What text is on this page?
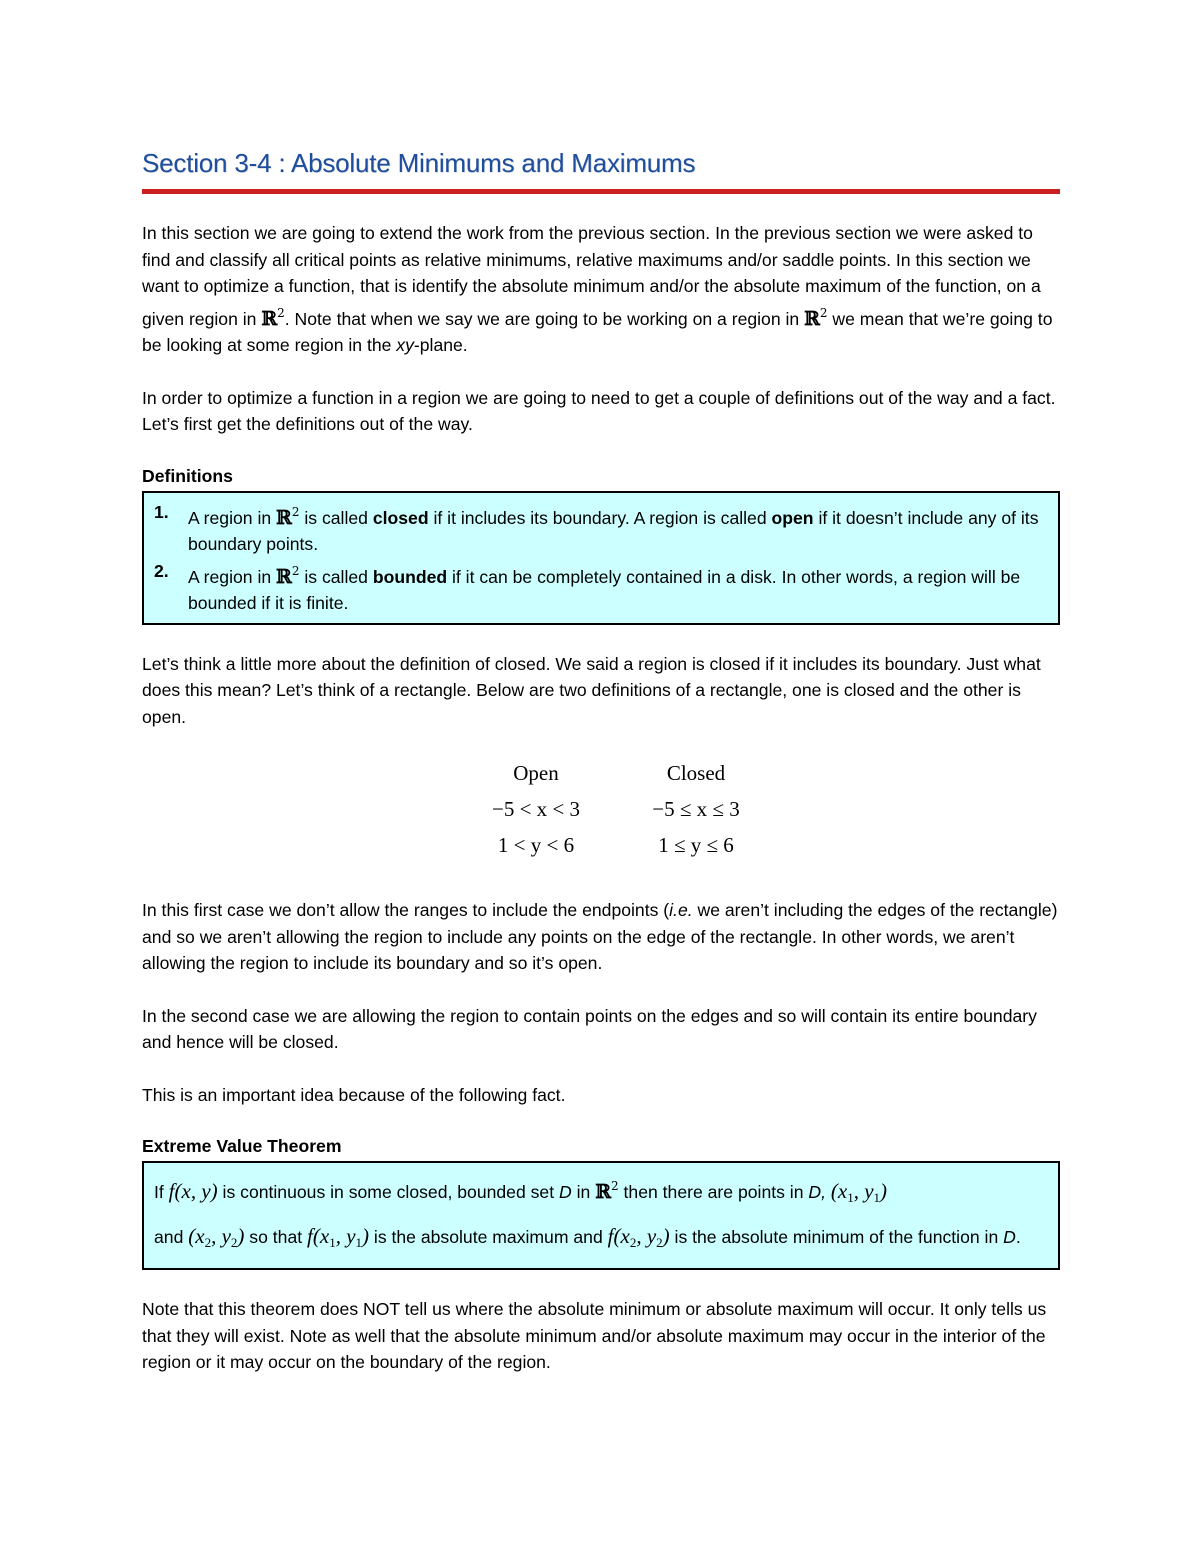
Section 3-4 : Absolute Minimums and Maximums

In this section we are going to extend the work from the previous section. In the previous section we were asked to find and classify all critical points as relative minimums, relative maximums and/or saddle points. In this section we want to optimize a function, that is identify the absolute minimum and/or the absolute maximum of the function, on a given region in ℝ$^2$. Note that when we say we are going to be working on a region in ℝ$^2$ we mean that we’re going to be looking at some region in the xy-plane.

In order to optimize a function in a region we are going to need to get a couple of definitions out of the way and a fact. Let’s first get the definitions out of the way.

Definitions
1.	A region in ℝ$^2$ is called closed if it includes its boundary. A region is called open if it doesn’t include any of its boundary points.
2.	A region in ℝ$^2$ is called bounded if it can be completely contained in a disk. In other words, a region will be bounded if it is finite.

Let’s think a little more about the definition of closed. We said a region is closed if it includes its boundary. Just what does this mean? Let’s think of a rectangle. Below are two definitions of a rectangle, one is closed and the other is open.

Open	Closed
−5 < x < 3	−5 ≤ x ≤ 3
1 < y < 6	1 ≤ y ≤ 6

In this first case we don’t allow the ranges to include the endpoints (i.e. we aren’t including the edges of the rectangle) and so we aren’t allowing the region to include any points on the edge of the rectangle. In other words, we aren’t allowing the region to include its boundary and so it’s open.

In the second case we are allowing the region to contain points on the edges and so will contain its entire boundary and hence will be closed.

This is an important idea because of the following fact.

Extreme Value Theorem

If f(x, y) is continuous in some closed, bounded set D in ℝ$^2$ then there are points in D, ($x_1$, $y_1$)

and ($x_2$, $y_2$) so that $f(x_1$, $y_1$) is the absolute maximum and $f(x_2$, $y_2$) is the absolute minimum of the function in D.

Note that this theorem does NOT tell us where the absolute minimum or absolute maximum will occur. It only tells us that they will exist. Note as well that the absolute minimum and/or absolute maximum may occur in the interior of the region or it may occur on the boundary of the region.
